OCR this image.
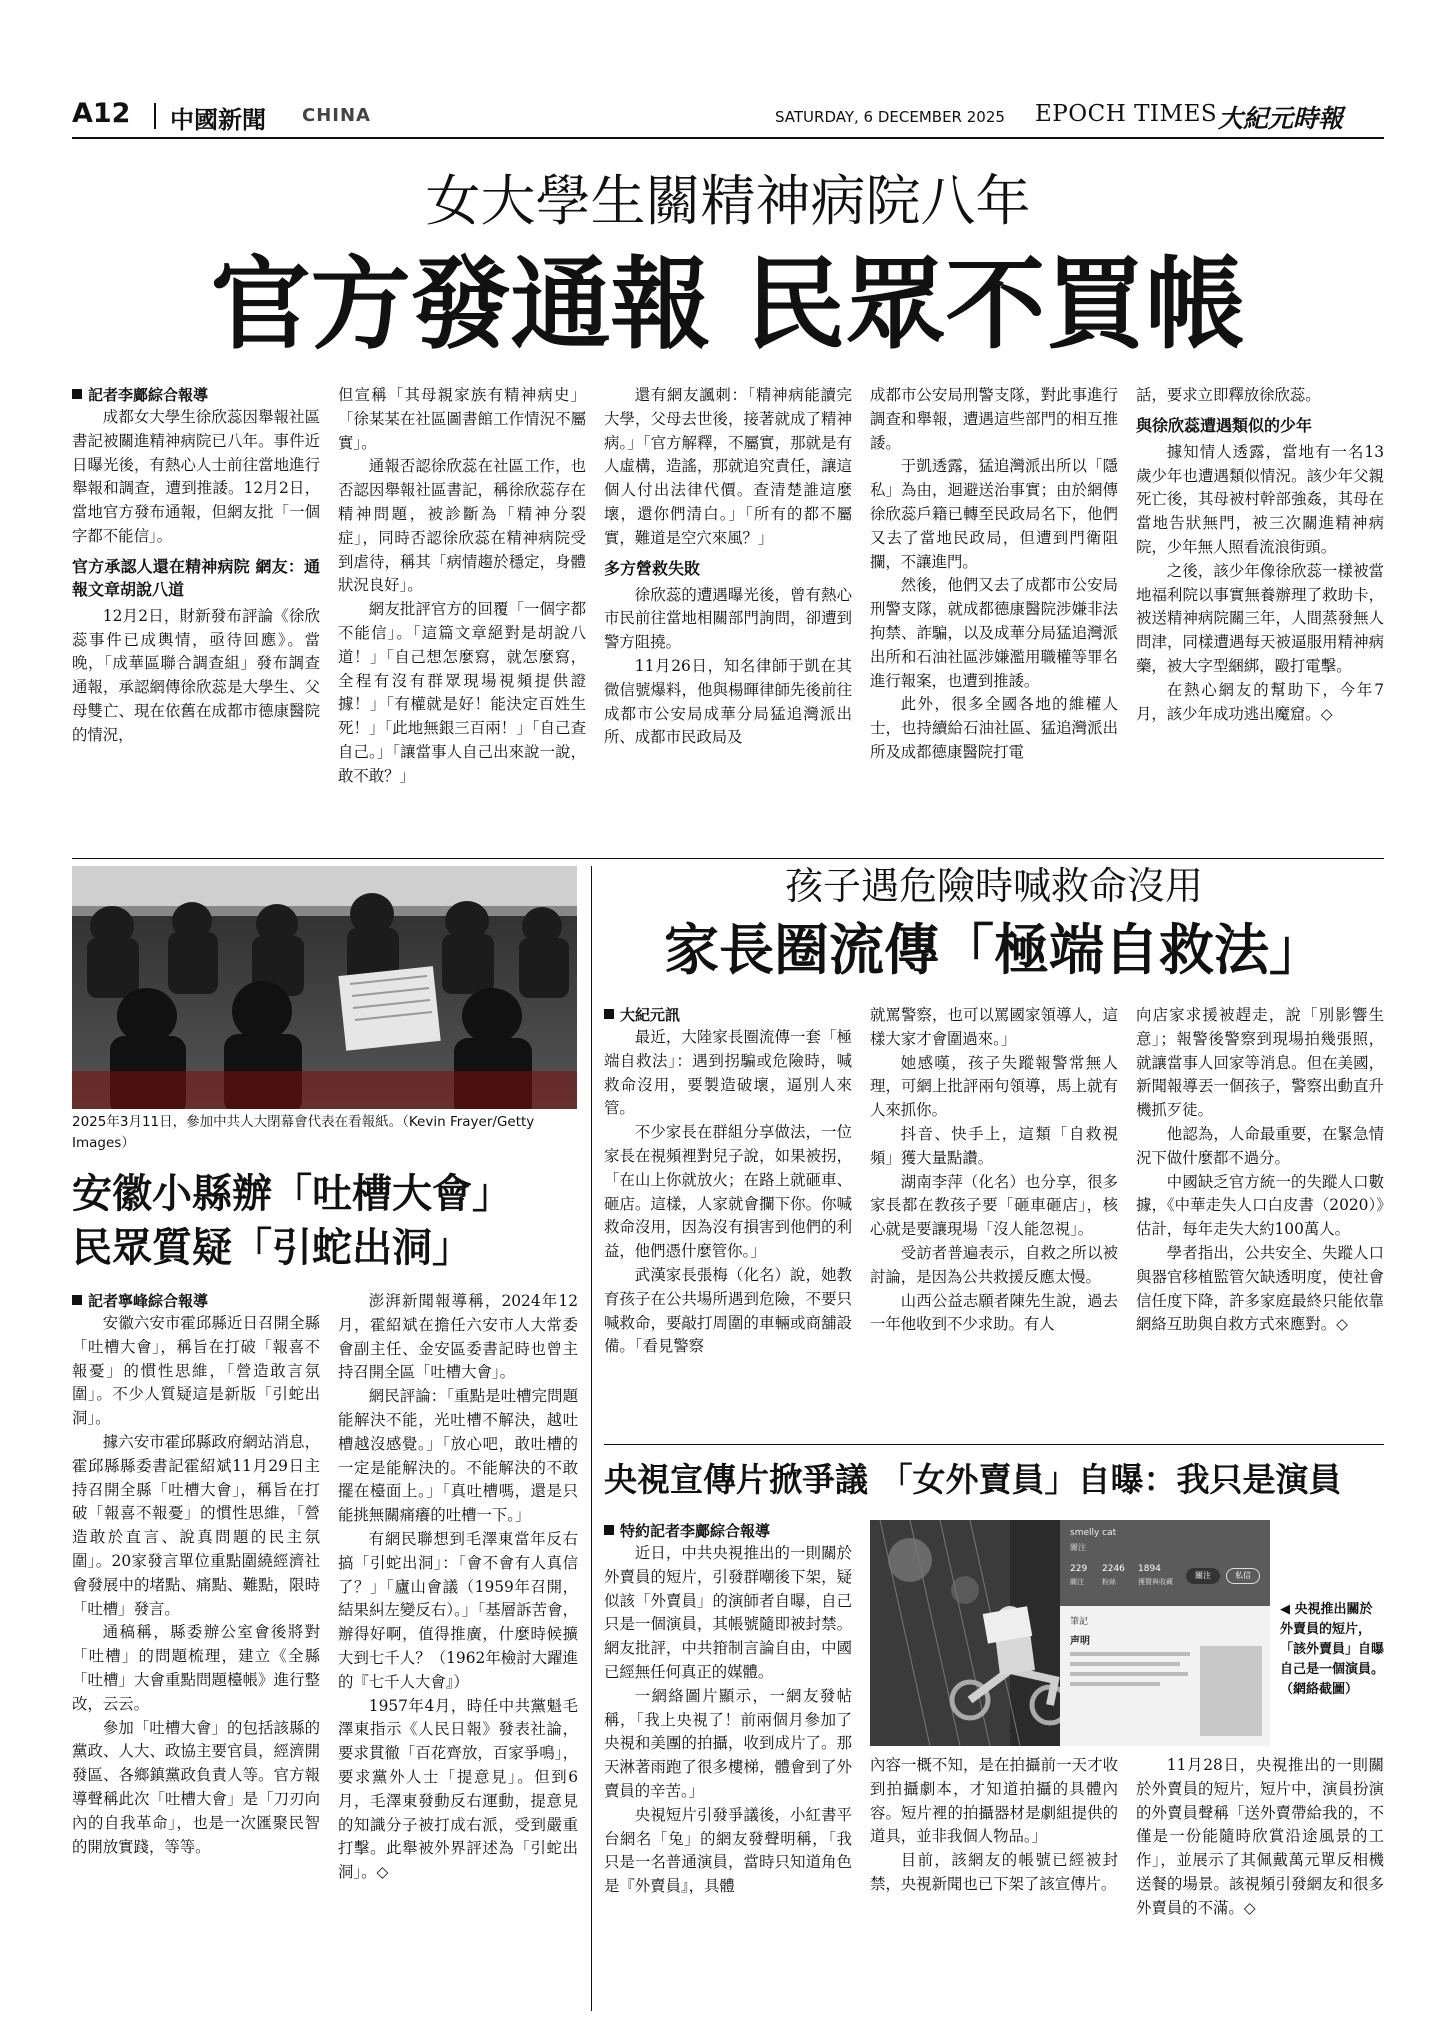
A12 中國新聞 CHINA	SATURDAY, 6 DECEMBER 2025 EPOCH TIMES 大紀元時報
女大學生關精神病院八年
官方發通報 民眾不買帳
記者李鄺綜合報導

成都女大學生徐欣蕊因舉報社區書記被關進精神病院已八年。事件近日曝光後，有熱心人士前往當地進行舉報和調查，遭到推諉。12月2日，當地官方發布通報，但網友批「一個字都不能信」。

官方承認人還在精神病院 網友：通報文章胡說八道

12月2日，財新發布評論《徐欣蕊事件已成輿情，亟待回應》。當晚，「成華區聯合調查組」發布調查通報，承認網傳徐欣蕊是大學生、父母雙亡、現在依舊在成都市德康醫院的情況，

但宣稱「其母親家族有精神病史」「徐某某在社區圖書館工作情況不屬實」。

通報否認徐欣蕊在社區工作，也否認因舉報社區書記，稱徐欣蕊存在精神問題，被診斷為「精神分裂症」，同時否認徐欣蕊在精神病院受到虐待，稱其「病情趨於穩定，身體狀況良好」。

網友批評官方的回覆「一個字都不能信」。「這篇文章絕對是胡說八道！」「自己想怎麼寫，就怎麼寫，全程有沒有群眾現場視頻提供證據！」「有權就是好！能決定百姓生死！」「此地無銀三百兩！」「自己查自己。」「讓當事人自己出來說一說，敢不敢？」

還有網友諷刺：「精神病能讀完大學，父母去世後，接著就成了精神病。」「官方解釋，不屬實，那就是有人虛構，造謠，那就追究責任，讓這個人付出法律代價。查清楚誰這麼壞，還你們清白。」「所有的都不屬實，難道是空穴來風？」

多方營救失敗

徐欣蕊的遭遇曝光後，曾有熱心市民前往當地相關部門詢問，卻遭到警方阻撓。

11月26日，知名律師于凱在其微信號爆料，他與楊暉律師先後前往成都市公安局成華分局猛追灣派出所、成都市民政局及

成都市公安局刑警支隊，對此事進行調查和舉報，遭遇這些部門的相互推諉。

于凱透露，猛追灣派出所以「隱私」為由，迴避送治事實；由於網傳徐欣蕊戶籍已轉至民政局名下，他們又去了當地民政局，但遭到門衛阻攔，不讓進門。

然後，他們又去了成都市公安局刑警支隊，就成都德康醫院涉嫌非法拘禁、詐騙，以及成華分局猛追灣派出所和石油社區涉嫌濫用職權等罪名進行報案，也遭到推諉。

此外，很多全國各地的維權人士，也持續給石油社區、猛追灣派出所及成都德康醫院打電

話，要求立即釋放徐欣蕊。

與徐欣蕊遭遇類似的少年

據知情人透露，當地有一名13歲少年也遭遇類似情況。該少年父親死亡後，其母被村幹部強姦，其母在當地告狀無門，被三次關進精神病院，少年無人照看流浪街頭。

之後，該少年像徐欣蕊一樣被當地福利院以事實無養辦理了救助卡，被送精神病院關三年，人間蒸發無人問津，同樣遭遇每天被逼服用精神病藥，被大字型綑綁，毆打電擊。

在熱心網友的幫助下，今年7月，該少年成功逃出魔窟。◇

2025年3月11日，參加中共人大閉幕會代表在看報紙。（Kevin Frayer/Getty Images）
安徽小縣辦「吐槽大會」
民眾質疑「引蛇出洞」
記者寧峰綜合報導

安徽六安市霍邱縣近日召開全縣「吐槽大會」，稱旨在打破「報喜不報憂」的慣性思維，「營造敢言氛圍」。不少人質疑這是新版「引蛇出洞」。

據六安市霍邱縣政府網站消息，霍邱縣縣委書記霍紹斌11月29日主持召開全縣「吐槽大會」，稱旨在打破「報喜不報憂」的慣性思維，「營造敢於直言、說真問題的民主氛圍」。20家發言單位重點圍繞經濟社會發展中的堵點、痛點、難點，限時「吐槽」發言。

通稿稱，縣委辦公室會後將對「吐槽」的問題梳理，建立《全縣「吐槽」大會重點問題檯帳》進行整改，云云。

參加「吐槽大會」的包括該縣的黨政、人大、政協主要官員，經濟開發區、各鄉鎮黨政負責人等。官方報導聲稱此次「吐槽大會」是「刀刃向內的自我革命」，也是一次匯聚民智的開放實踐，等等。

澎湃新聞報導稱，2024年12月，霍紹斌在擔任六安市人大常委會副主任、金安區委書記時也曾主持召開全區「吐槽大會」。

網民評論：「重點是吐槽完問題能解決不能，光吐槽不解決，越吐槽越沒感覺。」「放心吧，敢吐槽的一定是能解決的。不能解決的不敢擺在檯面上。」「真吐槽嗎，還是只能挑無關痛癢的吐槽一下。」

有網民聯想到毛澤東當年反右搞「引蛇出洞」：「會不會有人真信了？」「廬山會議（1959年召開，結果糾左變反右）。」「基層訴苦會，辦得好啊，值得推廣，什麼時候擴大到七千人？（1962年檢討大躍進的『七千人大會』）

1957年4月，時任中共黨魁毛澤東指示《人民日報》發表社論，要求貫徹「百花齊放，百家爭鳴」，要求黨外人士「提意見」。但到6月，毛澤東發動反右運動，提意見的知識分子被打成右派，受到嚴重打擊。此舉被外界評述為「引蛇出洞」。◇

孩子遇危險時喊救命沒用
家長圈流傳「極端自救法」
大紀元訊

最近，大陸家長圈流傳一套「極端自救法」：遇到拐騙或危險時，喊救命沒用，要製造破壞，逼別人來管。

不少家長在群組分享做法，一位家長在視頻裡對兒子說，如果被拐，「在山上你就放火；在路上就砸車、砸店。這樣，人家就會攔下你。你喊救命沒用，因為沒有損害到他們的利益，他們憑什麼管你。」

武漢家長張梅（化名）說，她教育孩子在公共場所遇到危險，不要只喊救命，要敲打周圍的車輛或商舖設備。「看見警察

就罵警察，也可以罵國家領導人，這樣大家才會圍過來。」

她感嘆，孩子失蹤報警常無人理，可網上批評兩句領導，馬上就有人來抓你。

抖音、快手上，這類「自救視頻」獲大量點讚。

湖南李萍（化名）也分享，很多家長都在教孩子要「砸車砸店」，核心就是要讓現場「沒人能忽視」。

受訪者普遍表示，自救之所以被討論，是因為公共救援反應太慢。

山西公益志願者陳先生說，過去一年他收到不少求助。有人

向店家求援被趕走，說「別影響生意」；報警後警察到現場拍幾張照，就讓當事人回家等消息。但在美國，新聞報導丟一個孩子，警察出動直升機抓歹徒。

他認為，人命最重要，在緊急情況下做什麼都不過分。

中國缺乏官方統一的失蹤人口數據，《中華走失人口白皮書（2020）》估計，每年走失大約100萬人。

學者指出，公共安全、失蹤人口與器官移植監管欠缺透明度，使社會信任度下降，許多家庭最終只能依靠網絡互助與自救方式來應對。◇

央視宣傳片掀爭議 「女外賣員」自曝：我只是演員
特約記者李鄺綜合報導

近日，中共央視推出的一則關於外賣員的短片，引發群嘲後下架，疑似該「外賣員」的演師者自曝，自己只是一個演員，其帳號隨即被封禁。網友批評，中共箝制言論自由，中國已經無任何真正的媒體。

一網絡圖片顯示，一網友發帖稱，「我上央視了！前兩個月參加了央視和美團的拍攝，收到成片了。那天淋著雨跑了很多樓梯，體會到了外賣員的辛苦。」

央視短片引發爭議後，小紅書平台網名「兔」的網友發聲明稱，「我只是一名普通演員，當時只知道角色是『外賣員』，具體

smelly cat
關注
229 2246 1894
關注	粉絲	獲贊與收藏
關注	私信
筆記
声明
◀ 央視推出關於外賣員的短片，「該外賣員」自曝自己是一個演員。（網絡截圖）

內容一概不知，是在拍攝前一天才收到拍攝劇本，才知道拍攝的具體內容。短片裡的拍攝器材是劇組提供的道具，並非我個人物品。」

目前，該網友的帳號已經被封禁，央視新聞也已下架了該宣傳片。

11月28日，央視推出的一則關於外賣員的短片，短片中，演員扮演的外賣員聲稱「送外賣帶給我的，不僅是一份能隨時欣賞沿途風景的工作」，並展示了其佩戴萬元單反相機送餐的場景。該視頻引發網友和很多外賣員的不滿。◇
